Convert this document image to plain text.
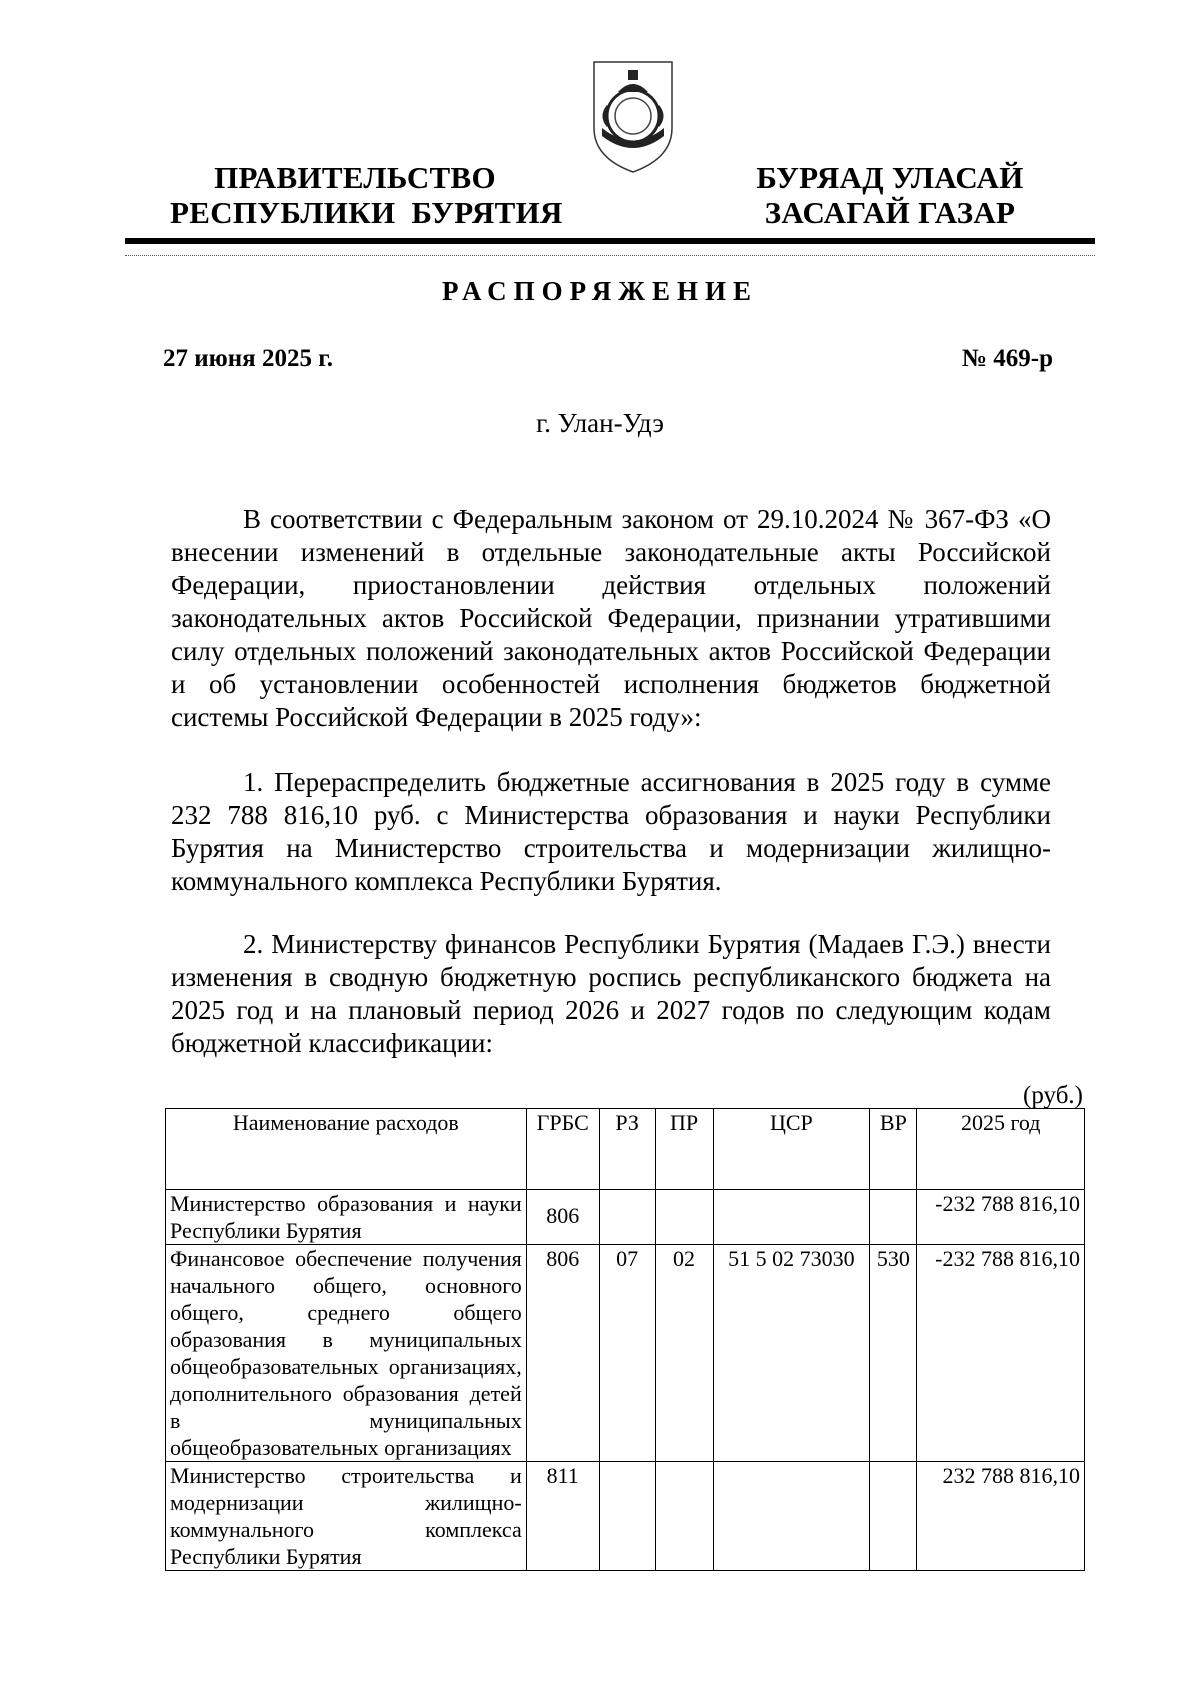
ПРАВИТЕЛЬСТВО
РЕСПУБЛИКИ  БУРЯТИЯ
БУРЯАД УЛАСАЙ
ЗАСАГАЙ ГАЗАР
РАСПОРЯЖЕНИЕ
27 июня 2025 г.	№ 469-р
г. Улан-Удэ
В соответствии с Федеральным законом от 29.10.2024 № 367-ФЗ «О внесении изменений в отдельные законодательные акты Российской Федерации, приостановлении действия отдельных положений законодательных актов Российской Федерации, признании утратившими силу отдельных положений законодательных актов Российской Федерации и об установлении особенностей исполнения бюджетов бюджетной системы Российской Федерации в 2025 году»:
1. Перераспределить бюджетные ассигнования в 2025 году в сумме 232 788 816,10 руб. с Министерства образования и науки Республики Бурятия на Министерство строительства и модернизации жилищно-коммунального комплекса Республики Бурятия.
2. Министерству финансов Республики Бурятия (Мадаев Г.Э.) внести изменения в сводную бюджетную роспись республиканского бюджета на 2025 год и на плановый период 2026 и 2027 годов по следующим кодам бюджетной классификации:
(руб.)
Наименование расходов	ГРБС	РЗ	ПР	ЦСР	ВР	2025 год
Министерство образования и науки Республики Бурятия	806					-232 788 816,10
Финансовое обеспечение получения начального общего, основного общего, среднего общего образования в муниципальных общеобразовательных организациях, дополнительного образования детей в муниципальных общеобразовательных организациях	806	07	02	51 5 02 73030	530	-232 788 816,10
Министерство строительства и модернизации жилищно-коммунального комплекса Республики Бурятия	811					232 788 816,10
